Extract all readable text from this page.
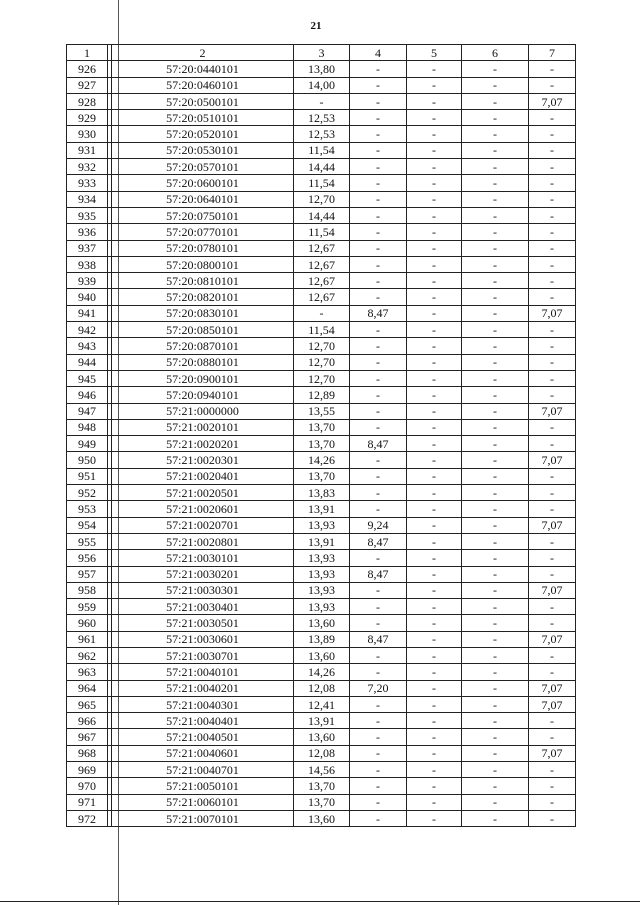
21
1		2	3	4	5	6	7
926		57:20:0440101	13,80	-	-	-	-
927		57:20:0460101	14,00	-	-	-	-
928		57:20:0500101	-	-	-	-	7,07
929		57:20:0510101	12,53	-	-	-	-
930		57:20:0520101	12,53	-	-	-	-
931		57:20:0530101	11,54	-	-	-	-
932		57:20:0570101	14,44	-	-	-	-
933		57:20:0600101	11,54	-	-	-	-
934		57:20:0640101	12,70	-	-	-	-
935		57:20:0750101	14,44	-	-	-	-
936		57:20:0770101	11,54	-	-	-	-
937		57:20:0780101	12,67	-	-	-	-
938		57:20:0800101	12,67	-	-	-	-
939		57:20:0810101	12,67	-	-	-	-
940		57:20:0820101	12,67	-	-	-	-
941		57:20:0830101	-	8,47	-	-	7,07
942		57:20:0850101	11,54	-	-	-	-
943		57:20:0870101	12,70	-	-	-	-
944		57:20:0880101	12,70	-	-	-	-
945		57:20:0900101	12,70	-	-	-	-
946		57:20:0940101	12,89	-	-	-	-
947		57:21:0000000	13,55	-	-	-	7,07
948		57:21:0020101	13,70	-	-	-	-
949		57:21:0020201	13,70	8,47	-	-	-
950		57:21:0020301	14,26	-	-	-	7,07
951		57:21:0020401	13,70	-	-	-	-
952		57:21:0020501	13,83	-	-	-	-
953		57:21:0020601	13,91	-	-	-	-
954		57:21:0020701	13,93	9,24	-	-	7,07
955		57:21:0020801	13,91	8,47	-	-	-
956		57:21:0030101	13,93	-	-	-	-
957		57:21:0030201	13,93	8,47	-	-	-
958		57:21:0030301	13,93	-	-	-	7,07
959		57:21:0030401	13,93	-	-	-	-
960		57:21:0030501	13,60	-	-	-	-
961		57:21:0030601	13,89	8,47	-	-	7,07
962		57:21:0030701	13,60	-	-	-	-
963		57:21:0040101	14,26	-	-	-	-
964		57:21:0040201	12,08	7,20	-	-	7,07
965		57:21:0040301	12,41	-	-	-	7,07
966		57:21:0040401	13,91	-	-	-	-
967		57:21:0040501	13,60	-	-	-	-
968		57:21:0040601	12,08	-	-	-	7,07
969		57:21:0040701	14,56	-	-	-	-
970		57:21:0050101	13,70	-	-	-	-
971		57:21:0060101	13,70	-	-	-	-
972		57:21:0070101	13,60	-	-	-	-
